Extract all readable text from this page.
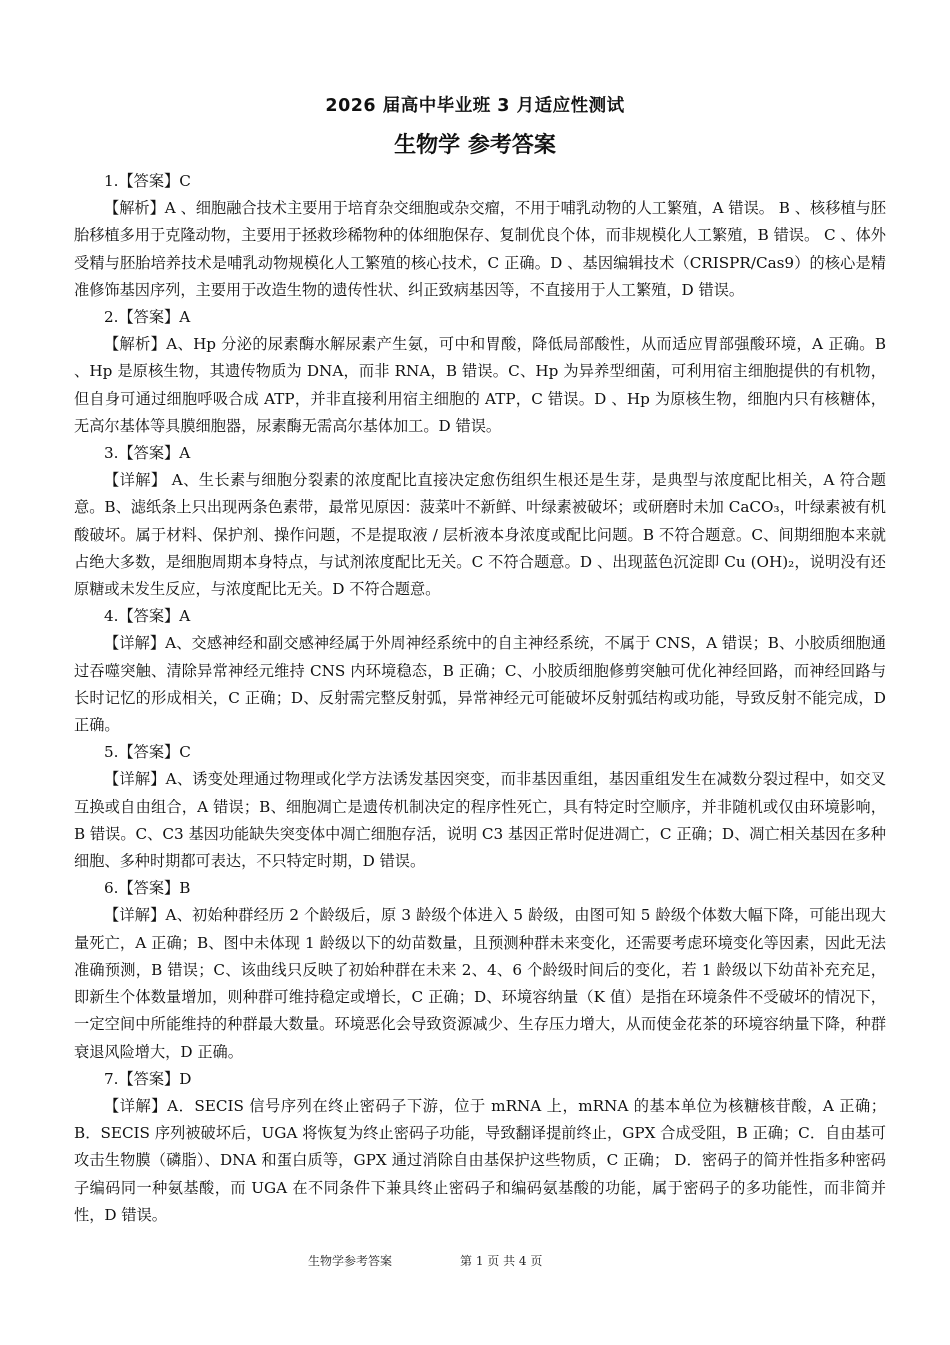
2026 届高中毕业班 3 月适应性测试
生物学 参考答案

1.【答案】C

【解析】A 、细胞融合技术主要用于培育杂交细胞或杂交瘤，不用于哺乳动物的人工繁殖，A 错误。 B 、核移植与胚胎移植多用于克隆动物，主要用于拯救珍稀物种的体细胞保存、复制优良个体，而非规模化人工繁殖，B 错误。 C 、体外受精与胚胎培养技术是哺乳动物规模化人工繁殖的核心技术，C 正确。D 、基因编辑技术（CRISPR/Cas9）的核心是精准修饰基因序列，主要用于改造生物的遗传性状、纠正致病基因等，不直接用于人工繁殖，D 错误。

2.【答案】A

【解析】A、Hp 分泌的尿素酶水解尿素产生氨，可中和胃酸，降低局部酸性，从而适应胃部强酸环境，A 正确。B 、Hp 是原核生物，其遗传物质为 DNA，而非 RNA，B 错误。C、Hp 为异养型细菌，可利用宿主细胞提供的有机物，但自身可通过细胞呼吸合成 ATP，并非直接利用宿主细胞的 ATP，C 错误。D 、Hp 为原核生物，细胞内只有核糖体，无高尔基体等具膜细胞器，尿素酶无需高尔基体加工。D 错误。

3.【答案】A

【详解】 A、生长素与细胞分裂素的浓度配比直接决定愈伤组织生根还是生芽，是典型与浓度配比相关，A 符合题意。B、滤纸条上只出现两条色素带，最常见原因：菠菜叶不新鲜、叶绿素被破坏；或研磨时未加 CaCO₃，叶绿素被有机酸破坏。属于材料、保护剂、操作问题，不是提取液 / 层析液本身浓度或配比问题。B 不符合题意。C、间期细胞本来就占绝大多数，是细胞周期本身特点，与试剂浓度配比无关。C 不符合题意。D 、出现蓝色沉淀即 Cu (OH)₂，说明没有还原糖或未发生反应，与浓度配比无关。D 不符合题意。

4.【答案】A

【详解】A、交感神经和副交感神经属于外周神经系统中的自主神经系统，不属于 CNS，A 错误；B、小胶质细胞通过吞噬突触、清除异常神经元维持 CNS 内环境稳态，B 正确；C、小胶质细胞修剪突触可优化神经回路，而神经回路与长时记忆的形成相关，C 正确；D、反射需完整反射弧，异常神经元可能破坏反射弧结构或功能，导致反射不能完成，D 正确。

5.【答案】C

【详解】A、诱变处理通过物理或化学方法诱发基因突变，而非基因重组，基因重组发生在减数分裂过程中，如交叉互换或自由组合，A 错误；B、细胞凋亡是遗传机制决定的程序性死亡，具有特定时空顺序，并非随机或仅由环境影响，B 错误。C、C3 基因功能缺失突变体中凋亡细胞存活，说明 C3 基因正常时促进凋亡，C 正确；D、凋亡相关基因在多种细胞、多种时期都可表达，不只特定时期，D 错误。

6.【答案】B

【详解】A、初始种群经历 2 个龄级后，原 3 龄级个体进入 5 龄级，由图可知 5 龄级个体数大幅下降，可能出现大量死亡，A 正确；B、图中未体现 1 龄级以下的幼苗数量，且预测种群未来变化，还需要考虑环境变化等因素，因此无法准确预测，B 错误；C、该曲线只反映了初始种群在未来 2、4、6 个龄级时间后的变化，若 1 龄级以下幼苗补充充足，即新生个体数量增加，则种群可维持稳定或增长，C 正确；D、环境容纳量（K 值）是指在环境条件不受破坏的情况下，一定空间中所能维持的种群最大数量。环境恶化会导致资源减少、生存压力增大，从而使金花茶的环境容纳量下降，种群衰退风险增大，D 正确。

7.【答案】D

【详解】A．SECIS 信号序列在终止密码子下游，位于 mRNA 上，mRNA 的基本单位为核糖核苷酸，A 正确； B．SECIS 序列被破坏后，UGA 将恢复为终止密码子功能，导致翻译提前终止，GPX 合成受阻，B 正确；C．自由基可攻击生物膜（磷脂）、DNA 和蛋白质等，GPX 通过消除自由基保护这些物质，C 正确； D．密码子的简并性指多种密码子编码同一种氨基酸，而 UGA 在不同条件下兼具终止密码子和编码氨基酸的功能，属于密码子的多功能性，而非简并性，D 错误。

生物学参考答案	第 1 页 共 4 页
